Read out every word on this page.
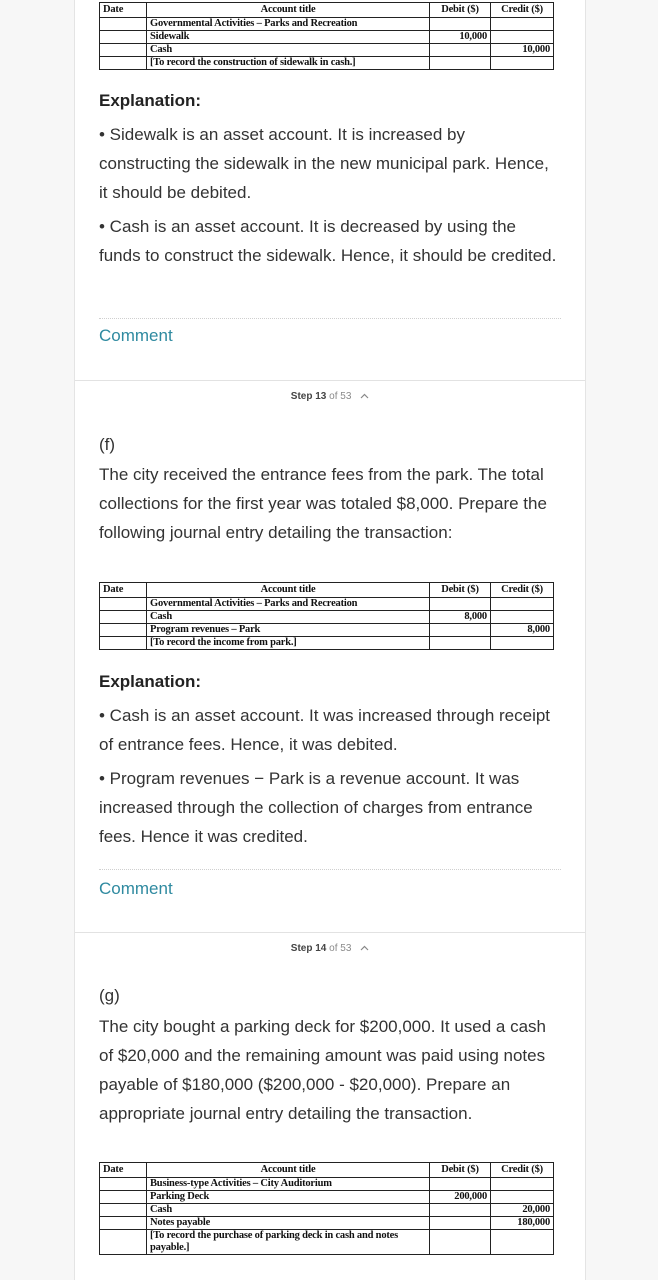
Date	Account title	Debit ($)	Credit ($)
	Governmental Activities – Parks and Recreation		
	Sidewalk	10,000	
	Cash		10,000
	[To record the construction of sidewalk in cash.]		

Explanation:

• Sidewalk is an asset account. It is increased by constructing the sidewalk in the new municipal park. Hence, it should be debited.

• Cash is an asset account. It is decreased by using the funds to construct the sidewalk. Hence, it should be credited.

Comment
Step 13 of 53

(f)

The city received the entrance fees from the park. The total collections for the first year was totaled $8,000. Prepare the following journal entry detailing the transaction:

Date	Account title	Debit ($)	Credit ($)
	Governmental Activities – Parks and Recreation		
	Cash	8,000	
	Program revenues – Park		8,000
	[To record the income from park.]		

Explanation:

• Cash is an asset account. It was increased through receipt of entrance fees. Hence, it was debited.

• Program revenues − Park is a revenue account. It was increased through the collection of charges from entrance fees. Hence it was credited.

Comment
Step 14 of 53

(g)

The city bought a parking deck for $200,000. It used a cash of $20,000 and the remaining amount was paid using notes payable of $180,000 ($200,000 - $20,000). Prepare an appropriate journal entry detailing the transaction.

Date	Account title	Debit ($)	Credit ($)
	Business-type Activities – City Auditorium		
	Parking Deck	200,000	
	Cash		20,000
	Notes payable		180,000
	[To record the purchase of parking deck in cash and notes payable.]		
